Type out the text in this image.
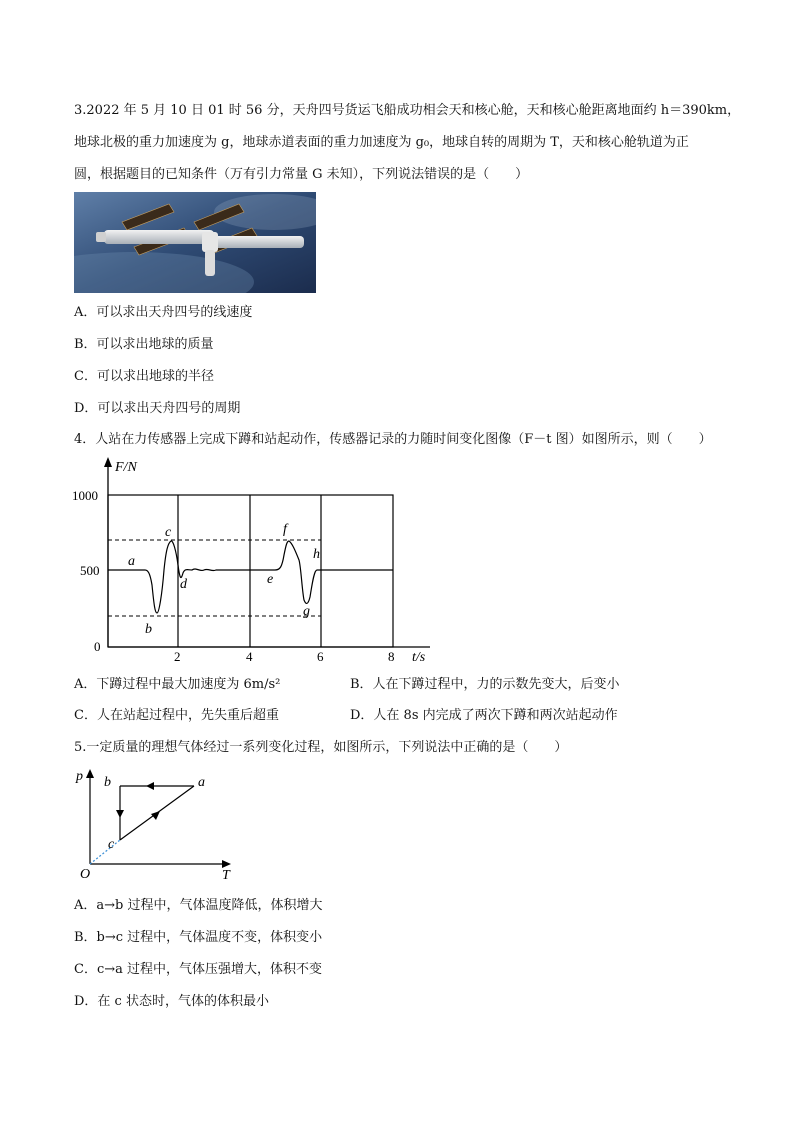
3.2022 年 5 月 10 日 01 时 56 分，天舟四号货运飞船成功相会天和核心舱，天和核心舱距离地面约 h＝390km，
地球北极的重力加速度为 g，地球赤道表面的重力加速度为 g₀，地球自转的周期为 T，天和核心舱轨道为正
圆，根据题目的已知条件（万有引力常量 G 未知），下列说法错误的是（　　）
A．可以求出天舟四号的线速度
B．可以求出地球的质量
C．可以求出地球的半径
D．可以求出天舟四号的周期
4．人站在力传感器上完成下蹲和站起动作，传感器记录的力随时间变化图像（F－t 图）如图所示，则（　　）
F/N
1000
500
0
2	4	6	8 t/s
a
b
c
d	e
f
g
h
A．下蹲过程中最大加速度为 6m/s²	B．人在下蹲过程中，力的示数先变大，后变小
C．人在站起过程中，先失重后超重	D．人在 8s 内完成了两次下蹲和两次站起动作
5.一定质量的理想气体经过一系列变化过程，如图所示，下列说法中正确的是（　　）
p
T
O
a
b
c
A．a→b 过程中，气体温度降低，体积增大
B．b→c 过程中，气体温度不变，体积变小
C．c→a 过程中，气体压强增大，体积不变
D．在 c 状态时，气体的体积最小
